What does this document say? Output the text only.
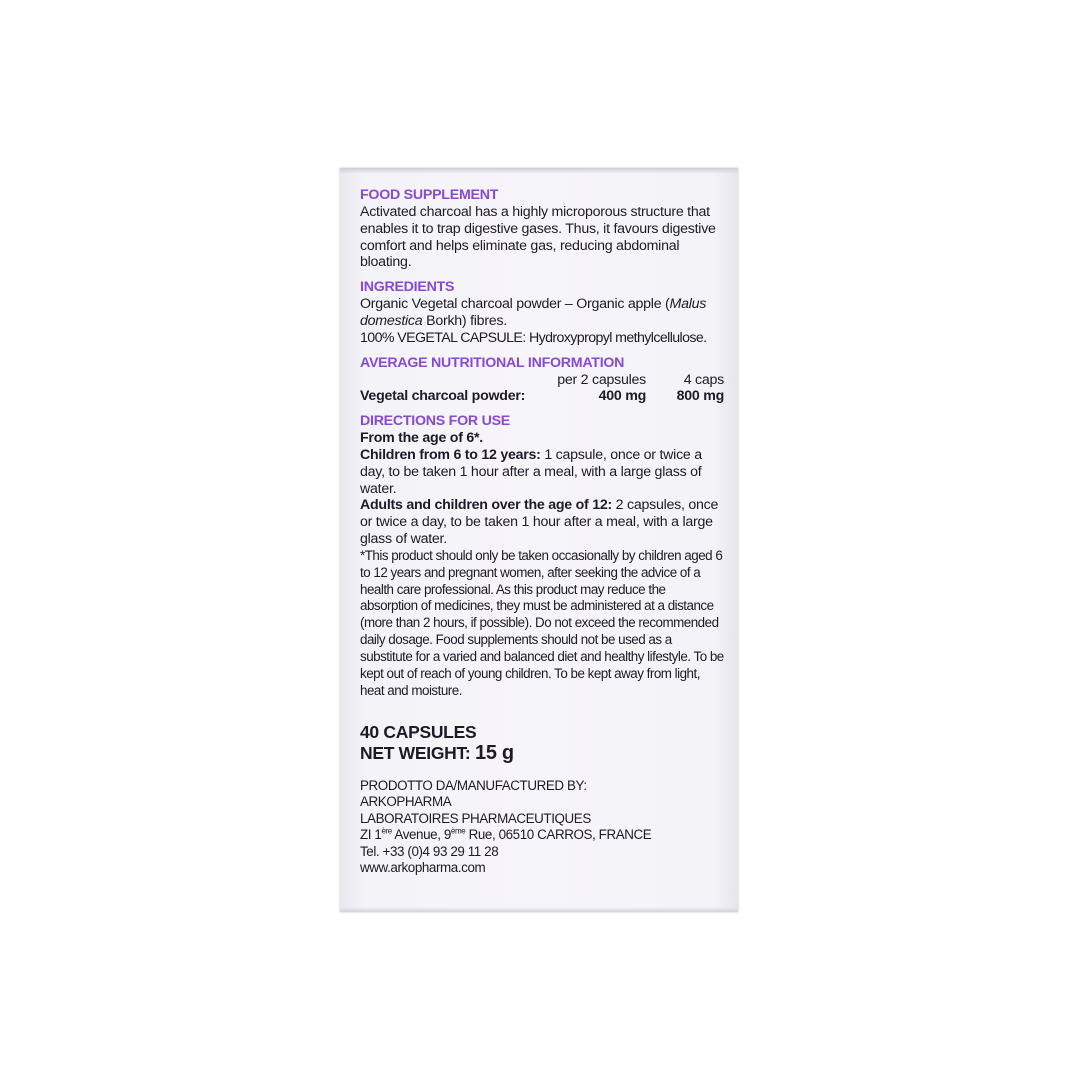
FOOD SUPPLEMENT

Activated charcoal has a highly microporous structure that enables it to trap digestive gases. Thus, it favours digestive comfort and helps eliminate gas, reducing abdominal bloating.

INGREDIENTS

Organic Vegetal charcoal powder – Organic apple (Malus domestica Borkh) fibres.

100% VEGETAL CAPSULE: Hydroxypropyl methylcellulose.

AVERAGE NUTRITIONAL INFORMATION

per 2 capsules	4 caps
Vegetal charcoal powder:	400 mg	800 mg

DIRECTIONS FOR USE

From the age of 6*.

Children from 6 to 12 years: 1 capsule, once or twice a day, to be taken 1 hour after a meal, with a large glass of water.

Adults and children over the age of 12: 2 capsules, once or twice a day, to be taken 1 hour after a meal, with a large glass of water.

*This product should only be taken occasionally by children aged 6 to 12 years and pregnant women, after seeking the advice of a health care professional. As this product may reduce the absorption of medicines, they must be administered at a distance (more than 2 hours, if possible). Do not exceed the recommended daily dosage. Food supplements should not be used as a substitute for a varied and balanced diet and healthy lifestyle. To be kept out of reach of young children. To be kept away from light, heat and moisture.

40 CAPSULES

NET WEIGHT: 15 g

PRODOTTO DA/MANUFACTURED BY:

ARKOPHARMA

LABORATOIRES PHARMACEUTIQUES

ZI 1ère Avenue, 9ème Rue, 06510 CARROS, FRANCE

Tel. +33 (0)4 93 29 11 28

www.arkopharma.com
